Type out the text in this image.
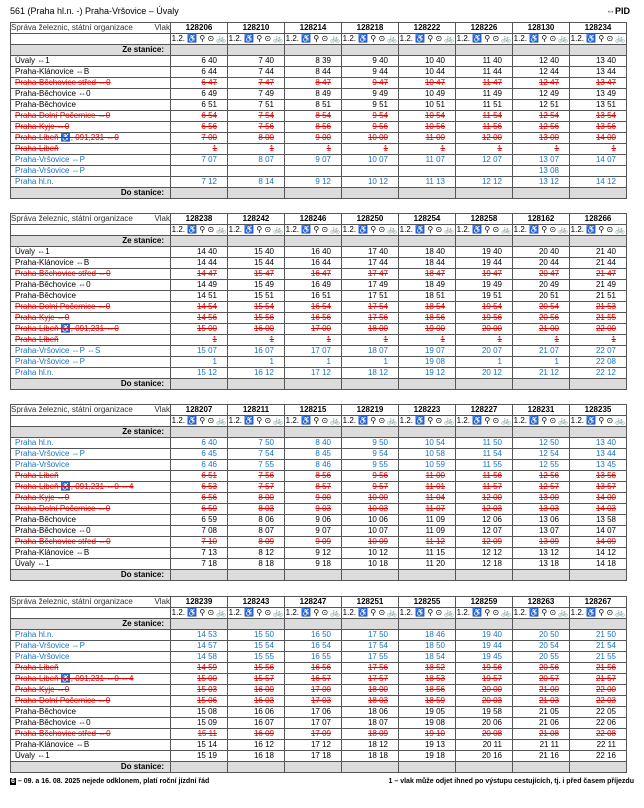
561 (Praha hl.n. -) Praha-Vršovice – Úvaly	⇔PID
Správa železnic, státní organizace Vlak	128206	128210	128214	128218	128222	128226	128130	128234
	1.2. ♿ ⚲ ⊙ 🚲	1.2. ♿ ⚲ ⊙ 🚲	1.2. ♿ ⚲ ⊙ 🚲	1.2. ♿ ⚲ ⊙ 🚲	1.2. ♿ ⚲ ⊙ 🚲	1.2. ♿ ⚲ ⊙ 🚲	1.2. ♿ ⚲ ⊙ 🚲	1.2. ♿ ⚲ ⊙ 🚲
Ze stanice:								
Úvaly ⇔1	6 40	7 40	8 39	9 40	10 40	11 40	12 40	13 40
Praha-Klánovice ⇔B	6 44	7 44	8 44	9 44	10 44	11 44	12 44	13 44
Praha-Běchovice střed ⇔0	6 47	7 47	8 47	9 47	10 47	11 47	12 47	13 47
Praha-Běchovice ⇔0	6 49	7 49	8 49	9 49	10 49	11 49	12 49	13 49
Praha-Běchovice	6 51	7 51	8 51	9 51	10 51	11 51	12 51	13 51
Praha-Dolní Počernice ⇔0	6 54	7 54	8 54	9 54	10 54	11 54	12 54	13 54
Praha-Kyje ⇔0	6 56	7 56	8 56	9 56	10 56	11 56	12 56	13 56
Praha-Libeň ♿, 091,231 ⇔0	7 00	8 00	9 00	10 00	11 00	12 00	13 00	14 00
Praha-Libeň	1	1	1	1	1	1	1	1
Praha-Vršovice ⇔P	7 07	8 07	9 07	10 07	11 07	12 07	13 07	14 07
Praha-Vršovice ⇔P							13 08	
Praha hl.n.	7 12	8 14	9 12	10 12	11 13	12 12	13 12	14 12
Do stanice:								
Správa železnic, státní organizace Vlak	128238	128242	128246	128250	128254	128258	128162	128266
	1.2. ♿ ⚲ ⊙ 🚲	1.2. ♿ ⚲ ⊙ 🚲	1.2. ♿ ⚲ ⊙ 🚲	1.2. ♿ ⚲ ⊙ 🚲	1.2. ♿ ⚲ ⊙ 🚲	1.2. ♿ ⚲ ⊙ 🚲	1.2. ♿ ⚲ ⊙ 🚲	1.2. ♿ ⚲ ⊙ 🚲
Ze stanice:								
Úvaly ⇔1	14 40	15 40	16 40	17 40	18 40	19 40	20 40	21 40
Praha-Klánovice ⇔B	14 44	15 44	16 44	17 44	18 44	19 44	20 44	21 44
Praha-Běchovice střed ⇔0	14 47	15 47	16 47	17 47	18 47	19 47	20 47	21 47
Praha-Běchovice ⇔0	14 49	15 49	16 49	17 49	18 49	19 49	20 49	21 49
Praha-Běchovice	14 51	15 51	16 51	17 51	18 51	19 51	20 51	21 51
Praha-Dolní Počernice ⇔0	14 54	15 54	16 54	17 54	18 54	19 54	20 54	21 53
Praha-Kyje ⇔0	14 56	15 56	16 56	17 56	18 56	19 56	20 56	21 55
Praha-Libeň ♿, 091,231 ⇔0	15 00	16 00	17 00	18 00	19 00	20 00	21 00	22 00
Praha-Libeň	1	1	1	1	1	1	1	1
Praha-Vršovice ⇔P ⇔S	15 07	16 07	17 07	18 07	19 07	20 07	21 07	22 07
Praha-Vršovice ⇔P	1	1	1	1	19 08	1	1	22 08
Praha hl.n.	15 12	16 12	17 12	18 12	19 12	20 12	21 12	22 12
Do stanice:								
Správa železnic, státní organizace Vlak	128207	128211	128215	128219	128223	128227	128231	128235
	1.2. ♿ ⚲ ⊙ 🚲	1.2. ♿ ⚲ ⊙ 🚲	1.2. ♿ ⚲ ⊙ 🚲	1.2. ♿ ⚲ ⊙ 🚲	1.2. ♿ ⚲ ⊙ 🚲	1.2. ♿ ⚲ ⊙ 🚲	1.2. ♿ ⚲ ⊙ 🚲	1.2. ♿ ⚲ ⊙ 🚲
Ze stanice:								
Praha hl.n.	6 40	7 50	8 40	9 50	10 54	11 50	12 50	13 40
Praha-Vršovice ⇔P	6 45	7 54	8 45	9 54	10 58	11 54	12 54	13 44
Praha-Vršovice	6 46	7 55	8 46	9 55	10 59	11 55	12 55	13 45
Praha-Libeň	6 51	7 56	8 56	9 56	11 00	11 56	12 56	13 56
Praha-Libeň ♿, 091,231 ⇔0 ⇔4	6 53	7 57	8 57	9 57	11 01	11 57	12 57	13 57
Praha-Kyje ⇔0	6 56	8 00	9 00	10 00	11 04	12 00	13 00	14 00
Praha-Dolní Počernice ⇔0	6 59	8 03	9 03	10 03	11 07	12 03	13 03	14 03
Praha-Běchovice	6 59	8 06	9 06	10 06	11 09	12 06	13 06	13 58
Praha-Běchovice ⇔0	7 08	8 07	9 07	10 07	11 09	12 07	13 07	14 07
Praha-Běchovice střed ⇔0	7 10	8 09	9 09	10 09	11 12	12 09	13 09	14 09
Praha-Klánovice ⇔B	7 13	8 12	9 12	10 12	11 15	12 12	13 12	14 12
Úvaly ⇔1	7 18	8 18	9 18	10 18	11 20	12 18	13 18	14 18
Do stanice:								
Správa železnic, státní organizace Vlak	128239	128243	128247	128251	128255	128259	128263	128267
	1.2. ♿ ⚲ ⊙ 🚲	1.2. ♿ ⚲ ⊙ 🚲	1.2. ♿ ⚲ ⊙ 🚲	1.2. ♿ ⚲ ⊙ 🚲	1.2. ♿ ⚲ ⊙ 🚲	1.2. ♿ ⚲ ⊙ 🚲	1.2. ♿ ⚲ ⊙ 🚲	1.2. ♿ ⚲ ⊙ 🚲
Ze stanice:								
Praha hl.n.	14 53	15 50	16 50	17 50	18 46	19 40	20 50	21 50
Praha-Vršovice ⇔P	14 57	15 54	16 54	17 54	18 50	19 44	20 54	21 54
Praha-Vršovice	14 58	15 55	16 55	17 55	18 54	19 45	20 55	21 55
Praha-Libeň	14 59	15 56	16 56	17 56	18 52	19 56	20 56	21 56
Praha-Libeň ♿, 091,231 ⇔0 ⇔4	15 00	15 57	16 57	17 57	18 53	19 57	20 57	21 57
Praha-Kyje ⇔0	15 03	16 00	17 00	18 00	18 56	20 00	21 00	22 00
Praha-Dolní Počernice ⇔0	15 06	16 03	17 03	18 03	18 59	20 03	21 03	22 03
Praha-Běchovice	15 08	16 06	17 06	18 06	19 05	19 58	21 05	22 05
Praha-Běchovice ⇔0	15 09	16 07	17 07	18 07	19 08	20 06	21 06	22 06
Praha-Běchovice střed ⇔0	15 11	16 09	17 09	18 09	19 10	20 08	21 08	22 08
Praha-Klánovice ⇔B	15 14	16 12	17 12	18 12	19 13	20 11	21 11	22 11
Úvaly ⇔1	15 19	16 18	17 18	18 18	19 18	20 16	21 16	22 16
Do stanice:								
6 – 09. a 16. 08. 2025 nejede odklonem, platí roční jízdní řád	1 – vlak může odjet ihned po výstupu cestujících, tj. i před časem příjezdu
